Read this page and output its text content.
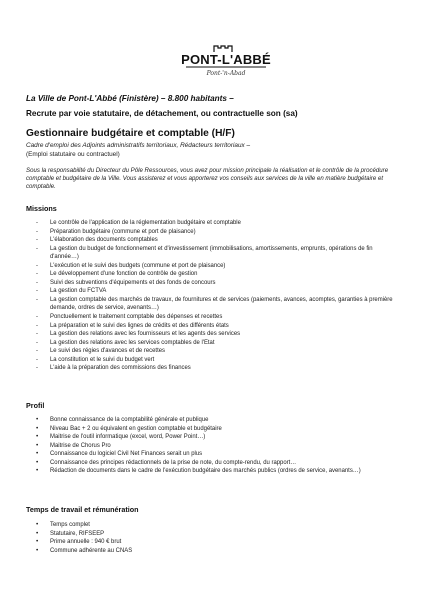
PONT-L'ABBÉ
Pont-'n-Abad
La Ville de Pont-L'Abbé (Finistère) – 8.800 habitants –
Recrute par voie statutaire, de détachement, ou contractuelle son (sa)
Gestionnaire budgétaire et comptable (H/F)
Cadre d'emploi des Adjoints administratifs territoriaux, Rédacteurs territoriaux –
(Emploi statutaire ou contractuel)
Sous la responsabilité du Directeur du Pôle Ressources, vous avez pour mission principale la réalisation et le contrôle de la procédure comptable et budgétaire de la Ville. Vous assisterez et vous apporterez vos conseils aux services de la ville en matière budgétaire et comptable.
Missions
- Le contrôle de l'application de la réglementation budgétaire et comptable
- Préparation budgétaire (commune et port de plaisance)
- L'élaboration des documents comptables
- La gestion du budget de fonctionnement et d'investissement (immobilisations, amortissements, emprunts, opérations de fin d'année…)
- L'exécution et le suivi des budgets (commune et port de plaisance)
- Le développement d'une fonction de contrôle de gestion
- Suivi des subventions d'équipements et des fonds de concours
- La gestion du FCTVA
- La gestion comptable des marchés de travaux, de fournitures et de services (paiements, avances, acomptes, garanties à première demande, ordres de service, avenants…)
- Ponctuellement le traitement comptable des dépenses et recettes
- La préparation et le suivi des lignes de crédits et des différents états
- La gestion des relations avec les fournisseurs et les agents des services
- La gestion des relations avec les services comptables de l'Etat
- Le suivi des régies d'avances et de recettes
- La constitution et le suivi du budget vert
- L'aide à la préparation des commissions des finances
Profil
• Bonne connaissance de la comptabilité générale et publique
• Niveau Bac + 2 ou équivalent en gestion comptable et budgétaire
• Maitrise de l'outil informatique (excel, word, Power Point…)
• Maitrise de Chorus Pro
• Connaissance du logiciel Civil Net Finances serait un plus
• Connaissance des principes rédactionnels de la prise de note, du compte-rendu, du rapport…
• Rédaction de documents dans le cadre de l'exécution budgétaire des marchés publics (ordres de service, avenants…)
Temps de travail et rémunération
• Temps complet
• Statutaire, RIFSEEP
• Prime annuelle : 940 € brut
• Commune adhérente au CNAS
